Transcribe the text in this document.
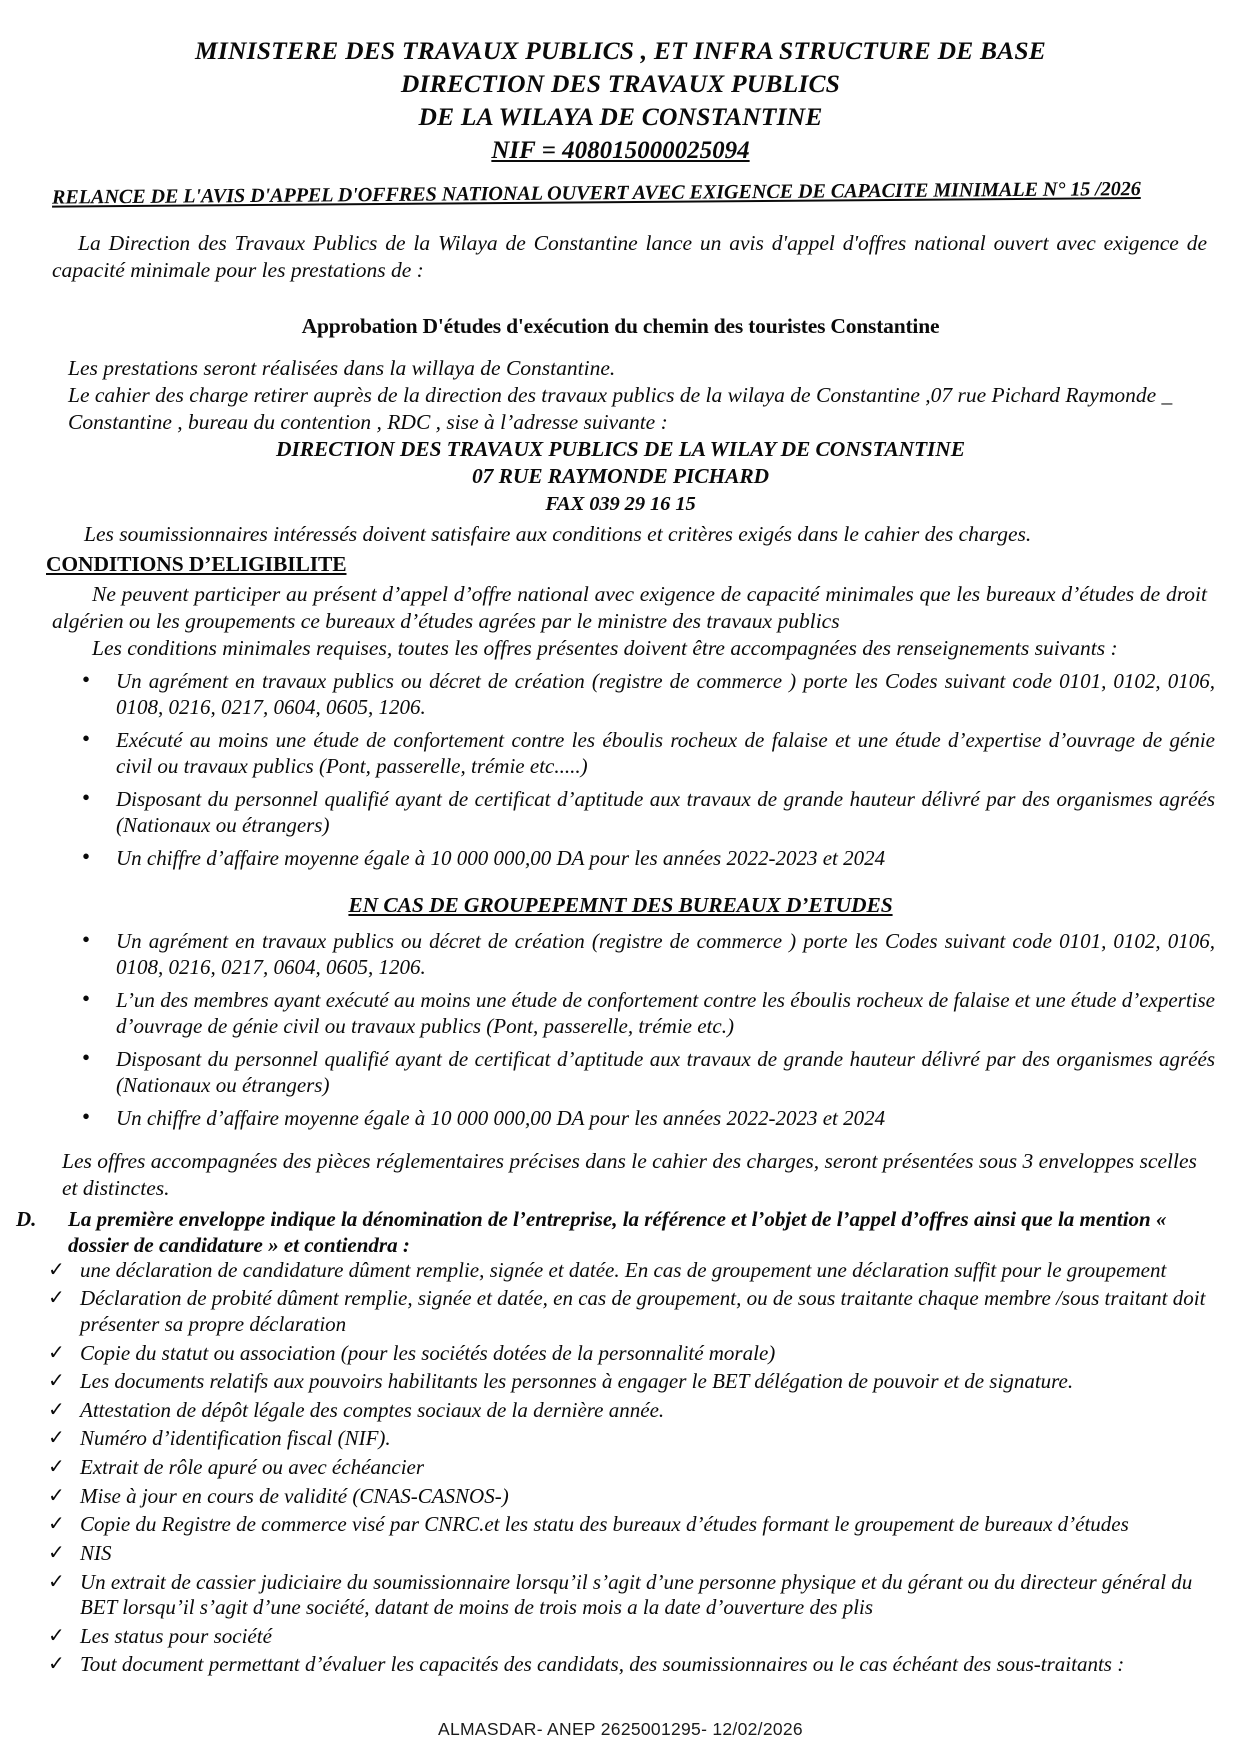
MINISTERE DES TRAVAUX PUBLICS , ET INFRA STRUCTURE DE BASE
DIRECTION DES TRAVAUX PUBLICS
DE LA WILAYA DE CONSTANTINE
NIF = 408015000025094
RELANCE DE L'AVIS D'APPEL D'OFFRES NATIONAL OUVERT AVEC EXIGENCE DE CAPACITE MINIMALE N° 15 /2026
La Direction des Travaux Publics de la Wilaya de Constantine lance un avis d'appel d'offres national ouvert avec exigence de capacité minimale pour les prestations de :
Approbation D'études d'exécution du chemin des touristes Constantine
Les prestations seront réalisées dans la willaya de Constantine.
Le cahier des charge retirer auprès de la direction des travaux publics de la wilaya de Constantine ,07 rue Pichard Raymonde _ Constantine , bureau du contention , RDC , sise à l’adresse suivante :
DIRECTION DES TRAVAUX PUBLICS DE LA WILAY DE CONSTANTINE
07 RUE RAYMONDE PICHARD
FAX 039 29 16 15
Les soumissionnaires intéressés doivent satisfaire aux conditions et critères exigés dans le cahier des charges.
CONDITIONS D’ELIGIBILITE
Ne peuvent participer au présent d’appel d’offre national avec exigence de capacité minimales que les bureaux d’études de droit algérien ou les groupements ce bureaux d’études agrées par le ministre des travaux publics
Les conditions minimales requises, toutes les offres présentes doivent être accompagnées des renseignements suivants :
• Un agrément en travaux publics ou décret de création (registre de commerce ) porte les Codes suivant code 0101, 0102, 0106, 0108, 0216, 0217, 0604, 0605, 1206.
• Exécuté au moins une étude de confortement contre les éboulis rocheux de falaise et une étude d’expertise d’ouvrage de génie civil ou travaux publics (Pont, passerelle, trémie etc.....)
• Disposant du personnel qualifié ayant de certificat d’aptitude aux travaux de grande hauteur délivré par des organismes agréés (Nationaux ou étrangers)
• Un chiffre d’affaire moyenne égale à 10 000 000,00 DA pour les années 2022-2023 et 2024
EN CAS DE GROUPEPEMNT DES BUREAUX D’ETUDES
• Un agrément en travaux publics ou décret de création (registre de commerce ) porte les Codes suivant code 0101, 0102, 0106, 0108, 0216, 0217, 0604, 0605, 1206.
• L’un des membres ayant exécuté au moins une étude de confortement contre les éboulis rocheux de falaise et une étude d’expertise d’ouvrage de génie civil ou travaux publics (Pont, passerelle, trémie etc.)
• Disposant du personnel qualifié ayant de certificat d’aptitude aux travaux de grande hauteur délivré par des organismes agréés (Nationaux ou étrangers)
• Un chiffre d’affaire moyenne égale à 10 000 000,00 DA pour les années 2022-2023 et 2024
Les offres accompagnées des pièces réglementaires précises dans le cahier des charges, seront présentées sous 3 enveloppes scelles et distinctes.
D.	La première enveloppe indique la dénomination de l’entreprise, la référence et l’objet de l’appel d’offres ainsi que la mention « dossier de candidature » et contiendra :
✓ une déclaration de candidature dûment remplie, signée et datée. En cas de groupement une déclaration suffit pour le groupement
✓ Déclaration de probité dûment remplie, signée et datée, en cas de groupement, ou de sous traitante chaque membre /sous traitant doit présenter sa propre déclaration
✓ Copie du statut ou association (pour les sociétés dotées de la personnalité morale)
✓ Les documents relatifs aux pouvoirs habilitants les personnes à engager le BET délégation de pouvoir et de signature.
✓ Attestation de dépôt légale des comptes sociaux de la dernière année.
✓ Numéro d’identification fiscal (NIF).
✓ Extrait de rôle apuré ou avec échéancier
✓ Mise à jour en cours de validité (CNAS-CASNOS-)
✓ Copie du Registre de commerce visé par CNRC.et les statu des bureaux d’études formant le groupement de bureaux d’études
✓ NIS
✓ Un extrait de cassier judiciaire du soumissionnaire lorsqu’il s’agit d’une personne physique et du gérant ou du directeur général du BET lorsqu’il s’agit d’une société, datant de moins de trois mois a la date d’ouverture des plis
✓ Les status pour société
✓ Tout document permettant d’évaluer les capacités des candidats, des soumissionnaires ou le cas échéant des sous-traitants :
ALMASDAR- ANEP 2625001295- 12/02/2026
